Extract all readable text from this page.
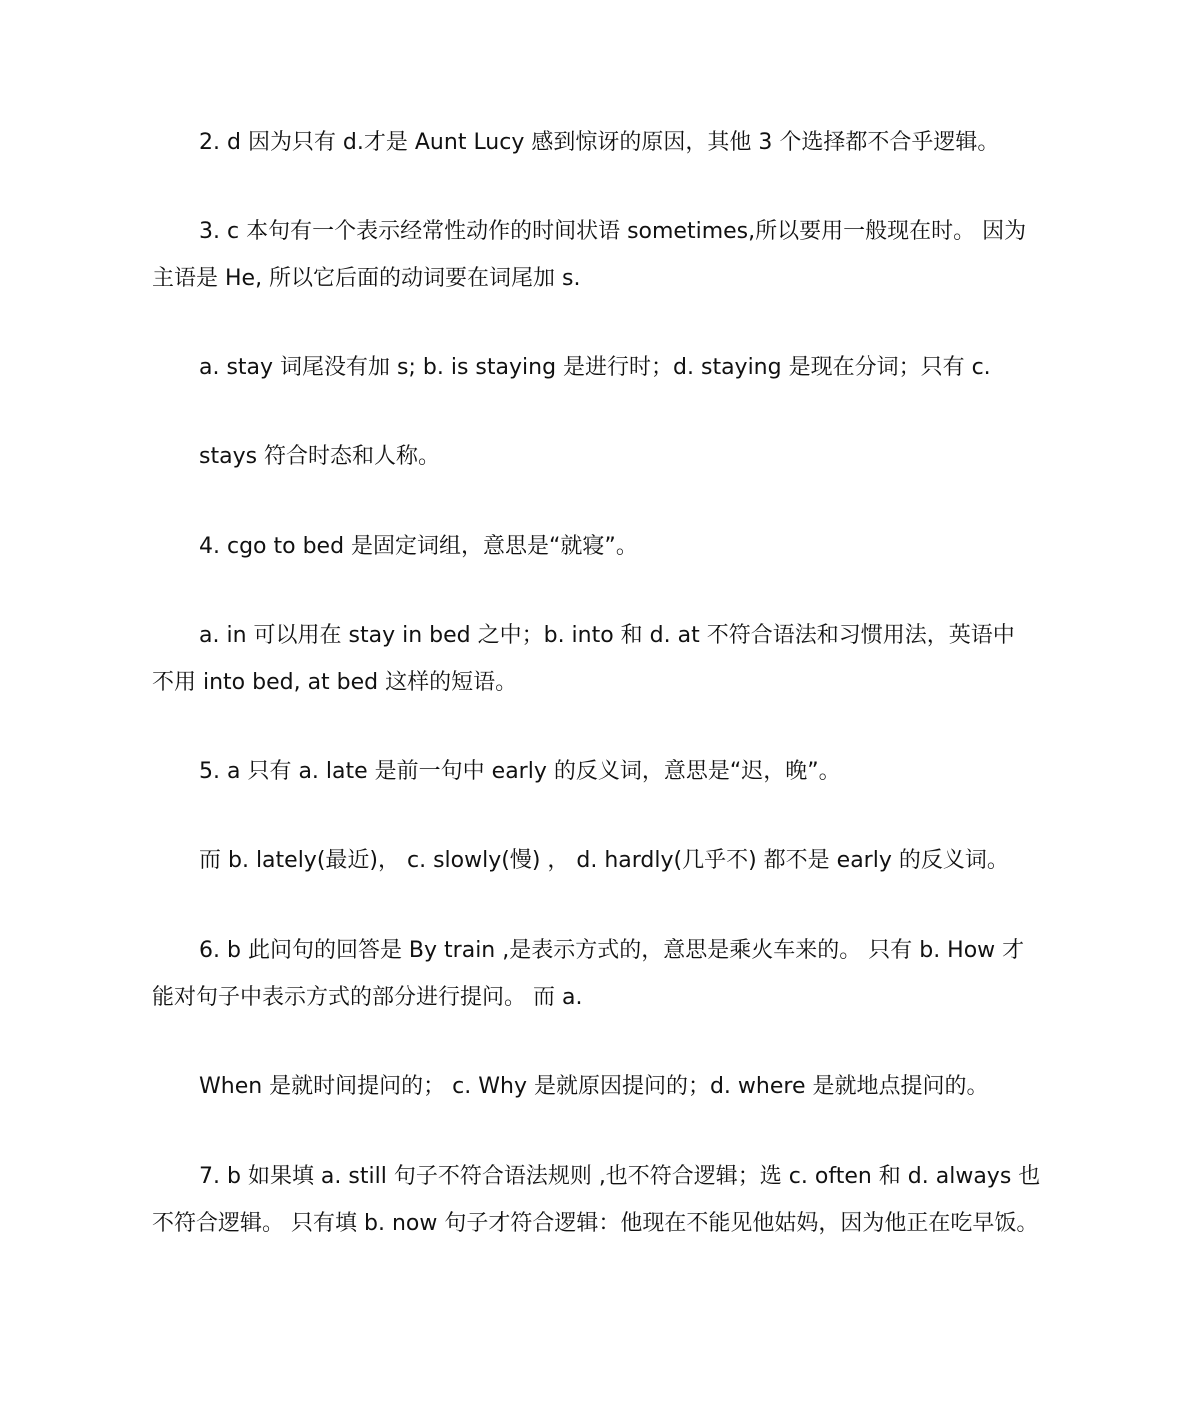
2. d 因为只有 d.才是 Aunt Lucy 感到惊讶的原因，其他 3 个选择都不合乎逻辑。

3. c 本句有一个表示经常性动作的时间状语 sometimes,所以要用一般现在时。 因为
主语是 He, 所以它后面的动词要在词尾加 s.

a. stay 词尾没有加 s; b. is staying 是进行时；d. staying 是现在分词；只有 c.

stays 符合时态和人称。

4. cgo to bed 是固定词组，意思是“就寝”。

a. in 可以用在 stay in bed 之中；b. into 和 d. at 不符合语法和习惯用法，英语中
不用 into bed, at bed 这样的短语。

5. a 只有 a. late 是前一句中 early 的反义词，意思是“迟，晚”。

而 b. lately(最近)， c. slowly(慢) ， d. hardly(几乎不) 都不是 early 的反义词。

6. b 此问句的回答是 By train ,是表示方式的，意思是乘火车来的。 只有 b. How 才
能对句子中表示方式的部分进行提问。 而 a.

When 是就时间提问的； c. Why 是就原因提问的；d. where 是就地点提问的。

7. b 如果填 a. still 句子不符合语法规则 ,也不符合逻辑；选 c. often 和 d. always 也
不符合逻辑。 只有填 b. now 句子才符合逻辑：他现在不能见他姑妈，因为他正在吃早饭。
